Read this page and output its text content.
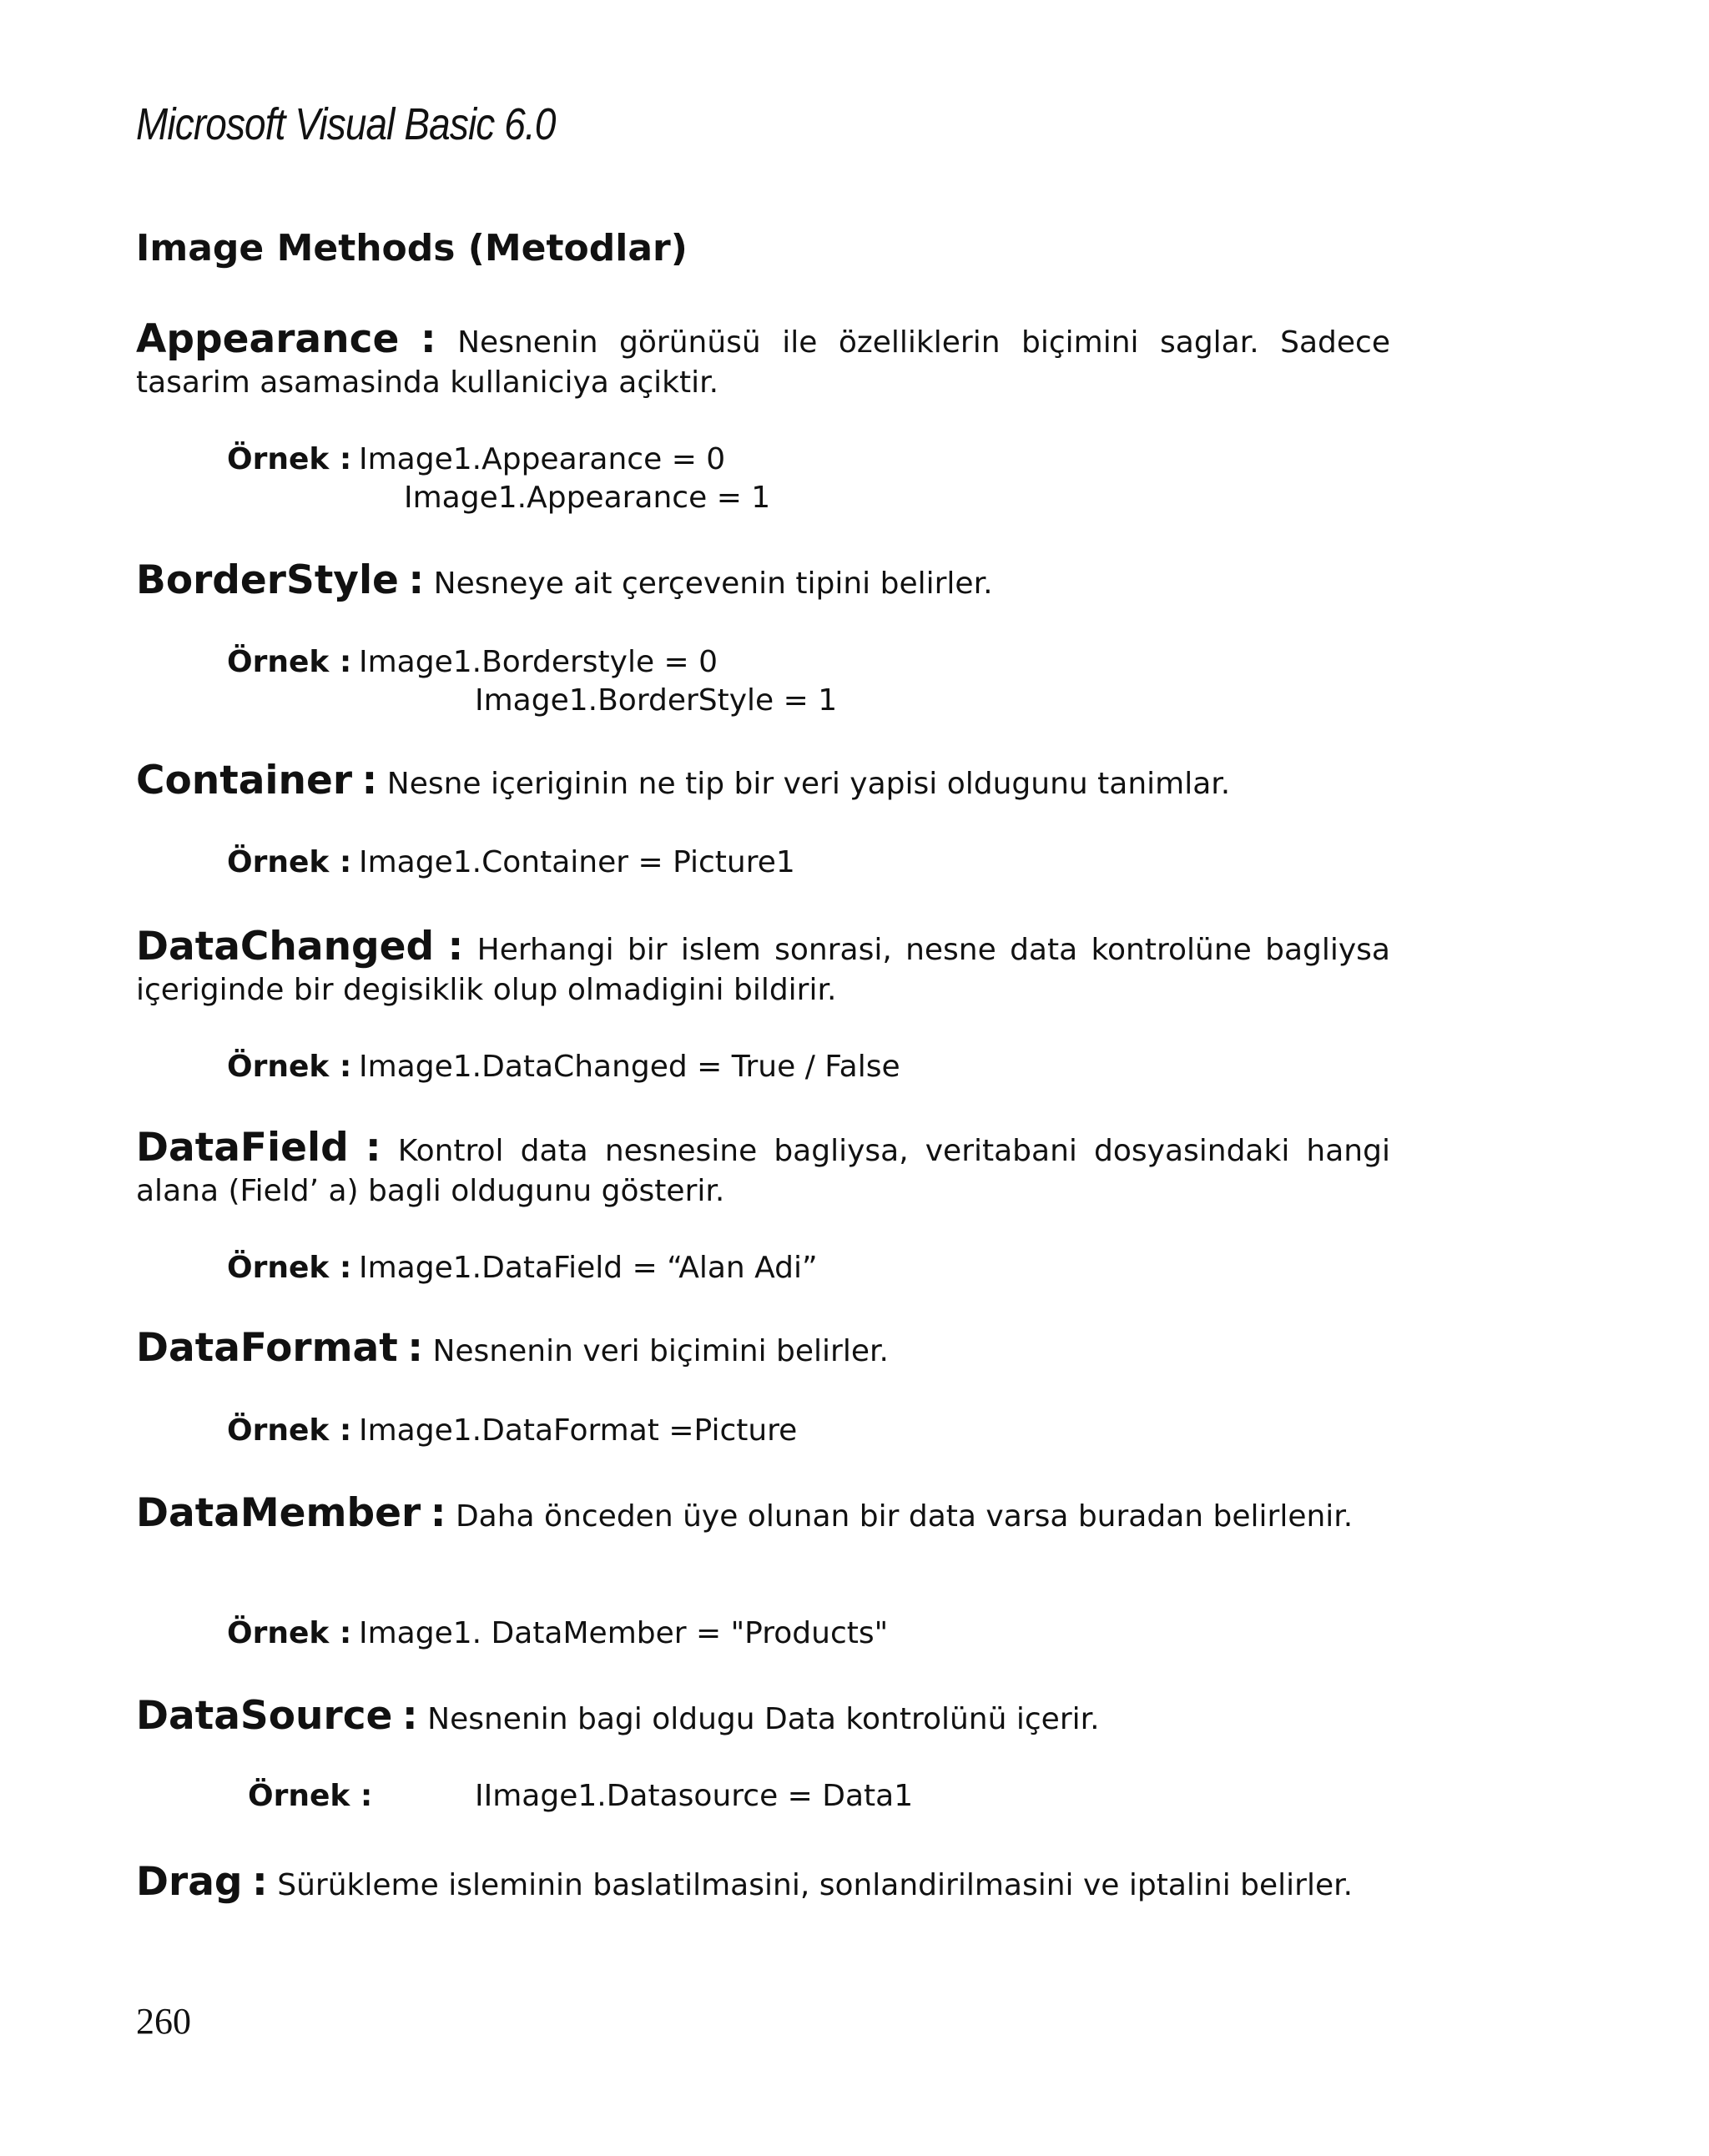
Microsoft Visual Basic 6.0
Image Methods (Metodlar)
Appearance : Nesnenin görünüsü ile özelliklerin biçimini saglar. Sadece tasarim asamasinda kullaniciya açiktir.
Örnek : Image1.Appearance = 0
Image1.Appearance = 1
BorderStyle : Nesneye ait çerçevenin tipini belirler.
Örnek : Image1.Borderstyle = 0
Image1.BorderStyle = 1
Container : Nesne içeriginin ne tip bir veri yapisi oldugunu tanimlar.
Örnek : Image1.Container = Picture1
DataChanged : Herhangi bir islem sonrasi, nesne data kontrolüne bagliysa içeriginde bir degisiklik olup olmadigini bildirir.
Örnek : Image1.DataChanged = True / False
DataField : Kontrol data nesnesine bagliysa, veritabani dosyasindaki hangi alana (Field’ a) bagli oldugunu gösterir.
Örnek : Image1.DataField = “Alan Adi”
DataFormat : Nesnenin veri biçimini belirler.
Örnek : Image1.DataFormat =Picture
DataMember : Daha önceden üye olunan bir data varsa buradan belirlenir.
Örnek : Image1. DataMember = "Products"
DataSource : Nesnenin bagi oldugu Data kontrolünü içerir.
Örnek :	IImage1.Datasource = Data1
Drag : Sürükleme isleminin baslatilmasini, sonlandirilmasini ve iptalini belirler.
260
